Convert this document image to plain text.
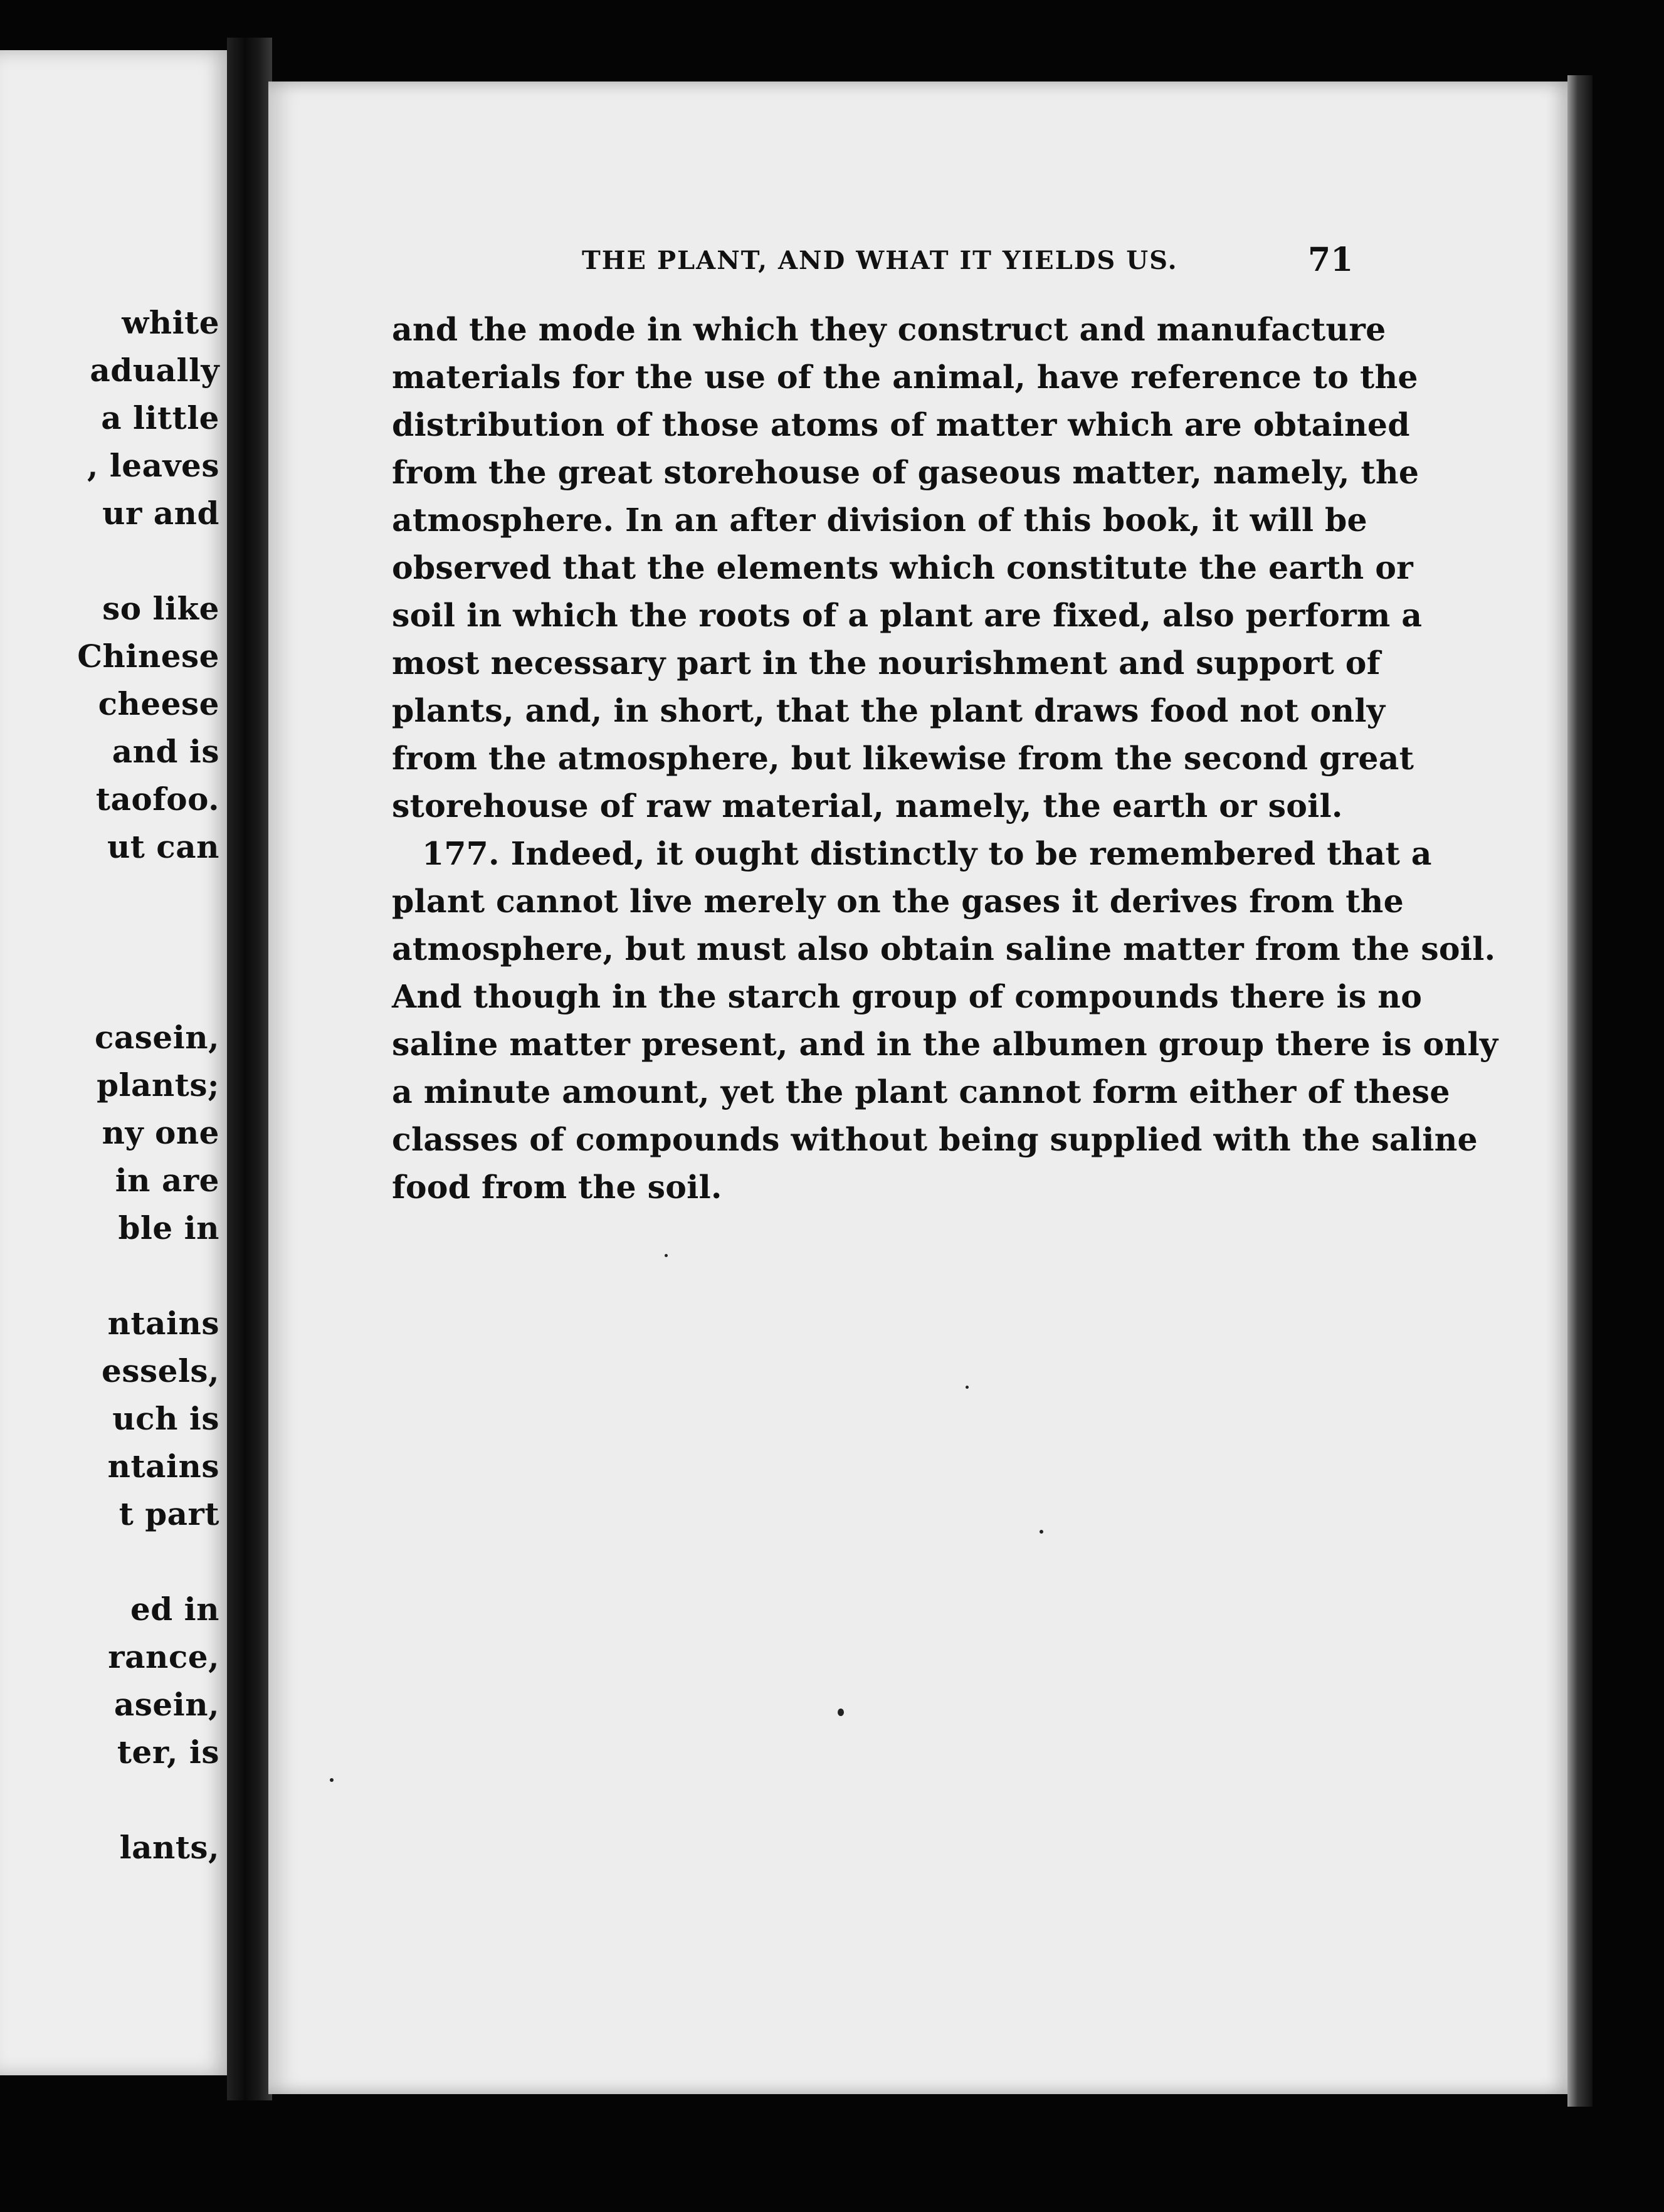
white
adually
a little
, leaves
ur and
so like
Chinese
cheese
and is
taofoo.
ut can
casein,
plants;
ny one
in are
ble in
ntains
essels,
uch is
ntains
t part
ed in
rance,
asein,
ter, is
lants,
THE PLANT, AND WHAT IT YIELDS US.	71
and the mode in which they construct and manufacture
materials for the use of the animal, have reference to the
distribution of those atoms of matter which are obtained
from the great storehouse of gaseous matter, namely, the
atmosphere. In an after division of this book, it will be
observed that the elements which constitute the earth or
soil in which the roots of a plant are fixed, also perform a
most necessary part in the nourishment and support of
plants, and, in short, that the plant draws food not only
from the atmosphere, but likewise from the second great
storehouse of raw material, namely, the earth or soil.
177. Indeed, it ought distinctly to be remembered that a
plant cannot live merely on the gases it derives from the
atmosphere, but must also obtain saline matter from the soil.
And though in the starch group of compounds there is no
saline matter present, and in the albumen group there is only
a minute amount, yet the plant cannot form either of these
classes of compounds without being supplied with the saline
food from the soil.
